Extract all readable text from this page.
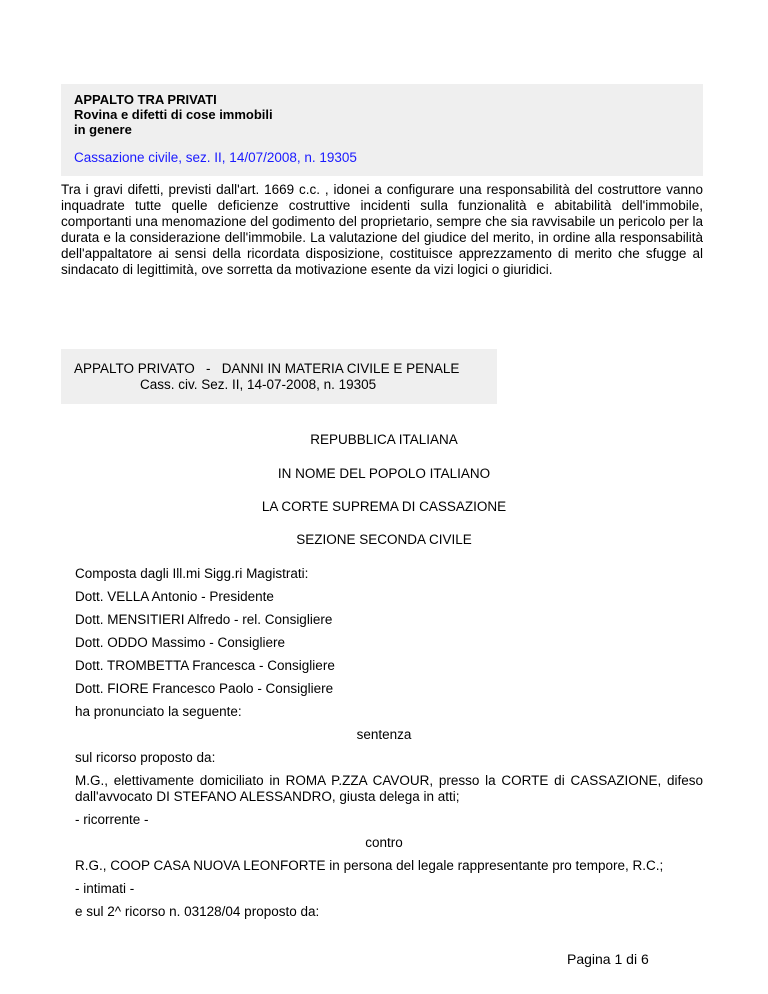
APPALTO TRA PRIVATI
Rovina e difetti di cose immobili
in genere
Cassazione civile, sez. II, 14/07/2008, n. 19305
Tra i gravi difetti, previsti dall'art. 1669 c.c. , idonei a configurare una responsabilità del costruttore vanno inquadrate tutte quelle deficienze costruttive incidenti sulla funzionalità e abitabilità dell'immobile, comportanti una menomazione del godimento del proprietario, sempre che sia ravvisabile un pericolo per la durata e la considerazione dell'immobile. La valutazione del giudice del merito, in ordine alla responsabilità dell'appaltatore ai sensi della ricordata disposizione, costituisce apprezzamento di merito che sfugge al sindacato di legittimità, ove sorretta da motivazione esente da vizi logici o giuridici.
APPALTO PRIVATO   -   DANNI IN MATERIA CIVILE E PENALE
Cass. civ. Sez. II, 14-07-2008, n. 19305
REPUBBLICA ITALIANA
IN NOME DEL POPOLO ITALIANO
LA CORTE SUPREMA DI CASSAZIONE
SEZIONE SECONDA CIVILE
Composta dagli Ill.mi Sigg.ri Magistrati:
Dott. VELLA Antonio - Presidente
Dott. MENSITIERI Alfredo - rel. Consigliere
Dott. ODDO Massimo - Consigliere
Dott. TROMBETTA Francesca - Consigliere
Dott. FIORE Francesco Paolo - Consigliere
ha pronunciato la seguente:
sentenza
sul ricorso proposto da:
M.G., elettivamente domiciliato in ROMA P.ZZA CAVOUR, presso la CORTE di CASSAZIONE, difeso dall'avvocato DI STEFANO ALESSANDRO, giusta delega in atti;
- ricorrente -
contro
R.G., COOP CASA NUOVA LEONFORTE in persona del legale rappresentante pro tempore, R.C.;
- intimati -
e sul 2^ ricorso n. 03128/04 proposto da:
Pagina 1 di 6
